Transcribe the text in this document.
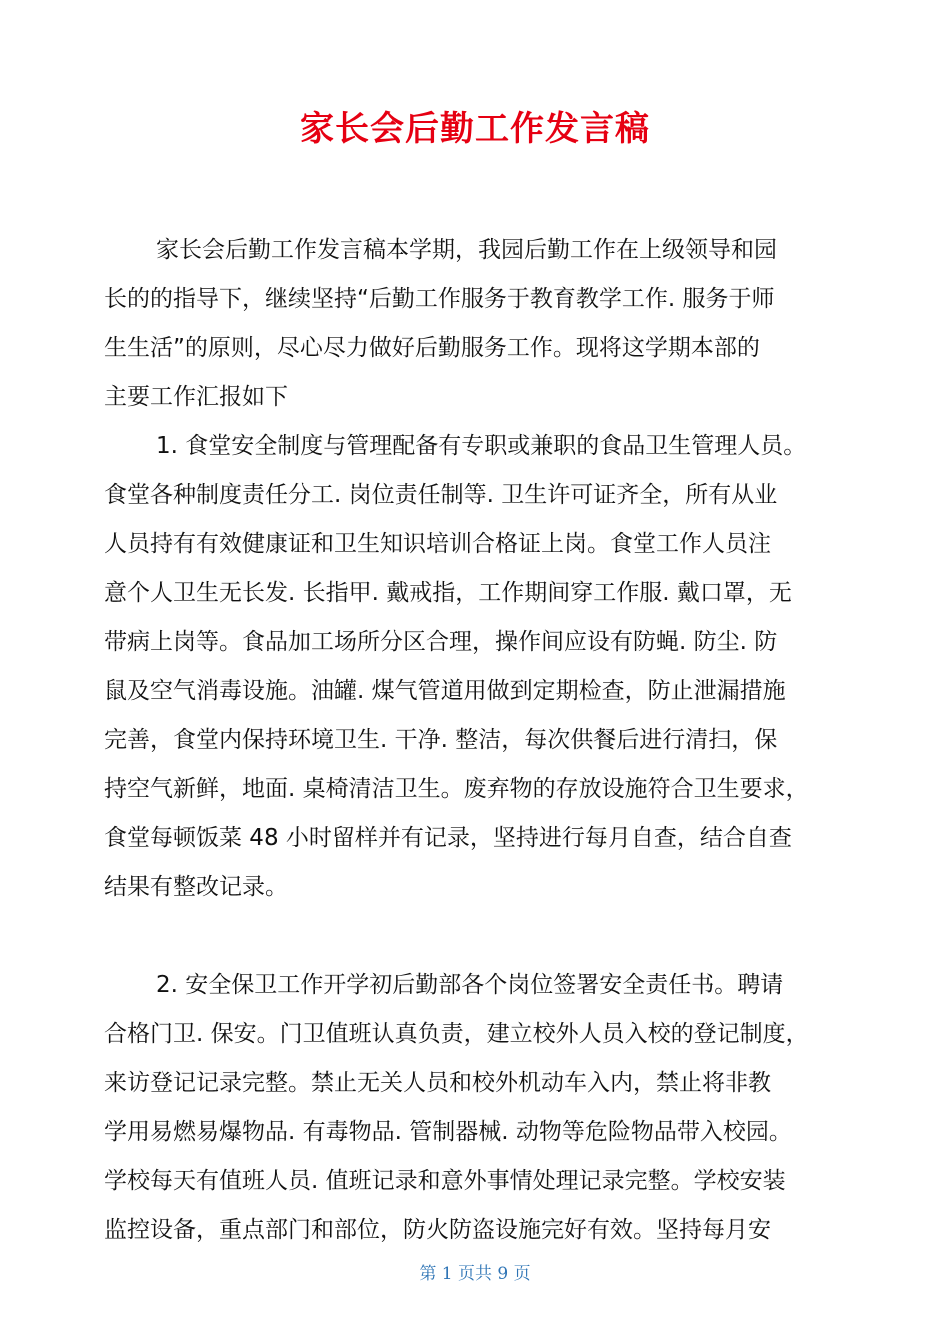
家长会后勤工作发言稿
家长会后勤工作发言稿本学期，我园后勤工作在上级领导和园
长的的指导下，继续坚持“后勤工作服务于教育教学工作. 服务于师
生生活”的原则，尽心尽力做好后勤服务工作。现将这学期本部的
主要工作汇报如下
1. 食堂安全制度与管理配备有专职或兼职的食品卫生管理人员。
食堂各种制度责任分工. 岗位责任制等. 卫生许可证齐全，所有从业
人员持有有效健康证和卫生知识培训合格证上岗。食堂工作人员注
意个人卫生无长发. 长指甲. 戴戒指，工作期间穿工作服. 戴口罩，无
带病上岗等。食品加工场所分区合理，操作间应设有防蝇. 防尘. 防
鼠及空气消毒设施。油罐. 煤气管道用做到定期检查，防止泄漏措施
完善，食堂内保持环境卫生. 干净. 整洁，每次供餐后进行清扫，保
持空气新鲜，地面. 桌椅清洁卫生。废弃物的存放设施符合卫生要求，
食堂每顿饭菜 48 小时留样并有记录，坚持进行每月自查，结合自查
结果有整改记录。
2. 安全保卫工作开学初后勤部各个岗位签署安全责任书。聘请
合格门卫. 保安。门卫值班认真负责，建立校外人员入校的登记制度，
来访登记记录完整。禁止无关人员和校外机动车入内，禁止将非教
学用易燃易爆物品. 有毒物品. 管制器械. 动物等危险物品带入校园。
学校每天有值班人员. 值班记录和意外事情处理记录完整。学校安装
监控设备，重点部门和部位，防火防盗设施完好有效。坚持每月安
第 1 页共 9 页
